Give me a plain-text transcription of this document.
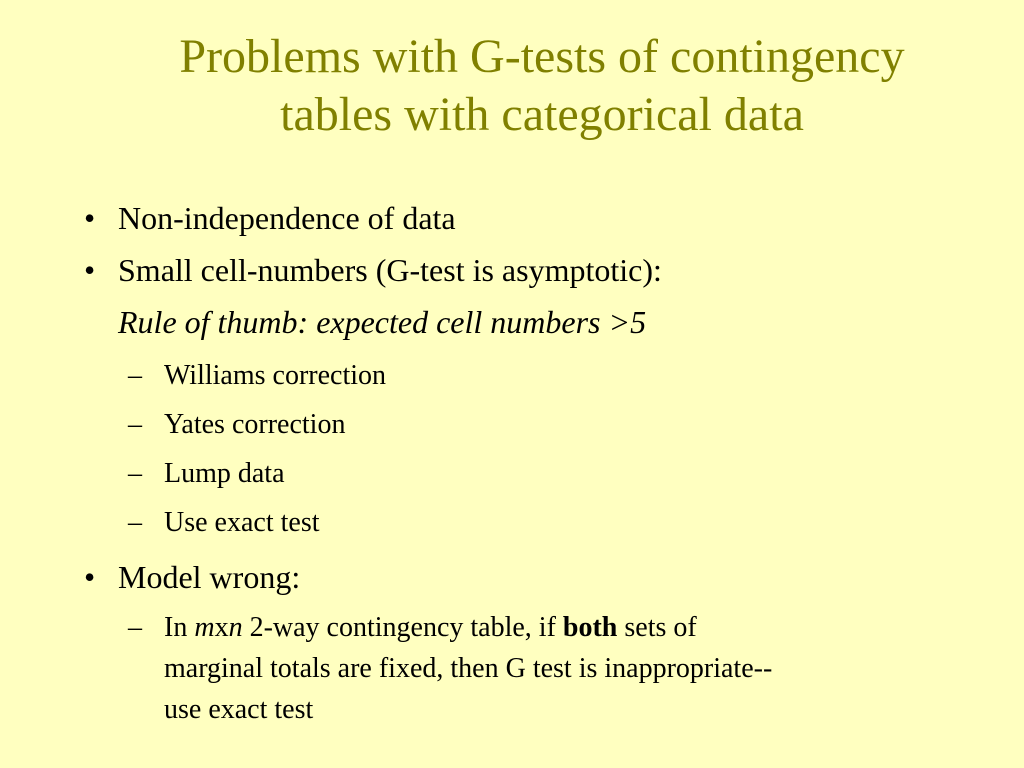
Problems with G-tests of contingency
tables with categorical data
• Non-independence of data
• Small cell-numbers (G-test is asymptotic):
Rule of thumb: expected cell numbers >5
– Williams correction
– Yates correction
– Lump data
– Use exact test
• Model wrong:
– In mxn 2-way contingency table, if both sets of
marginal totals are fixed, then G test is inappropriate--
use exact test
